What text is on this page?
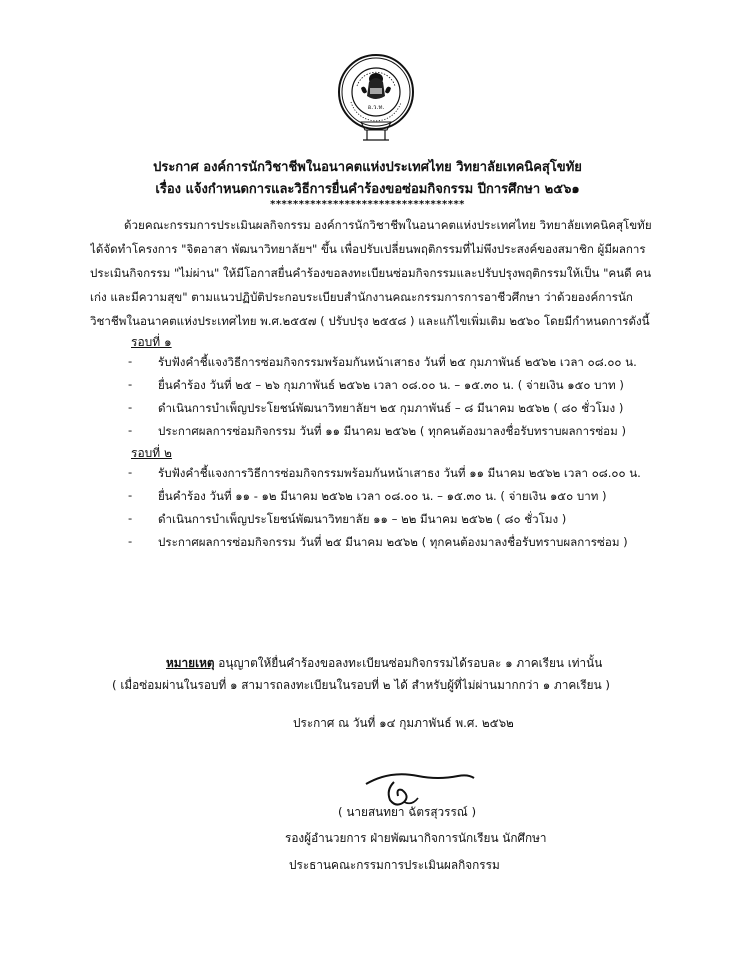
อ.ว.ท.
ประกาศ องค์การนักวิชาชีพในอนาคตแห่งประเทศไทย วิทยาลัยเทคนิคสุโขทัย
เรื่อง แจ้งกำหนดการและวิธีการยื่นคำร้องขอซ่อมกิจกรรม ปีการศึกษา ๒๕๖๑
**********************************
ด้วยคณะกรรมการประเมินผลกิจกรรม องค์การนักวิชาชีพในอนาคตแห่งประเทศไทย วิทยาลัยเทคนิคสุโขทัย
ได้จัดทำโครงการ "จิตอาสา พัฒนาวิทยาลัยฯ" ขึ้น เพื่อปรับเปลี่ยนพฤติกรรมที่ไม่พึงประสงค์ของสมาชิก ผู้มีผลการ
ประเมินกิจกรรม "ไม่ผ่าน" ให้มีโอกาสยื่นคำร้องขอลงทะเบียนซ่อมกิจกรรมและปรับปรุงพฤติกรรมให้เป็น "คนดี คน
เก่ง และมีความสุข" ตามแนวปฏิบัติประกอบระเบียบสำนักงานคณะกรรมการการอาชีวศึกษา ว่าด้วยองค์การนัก
วิชาชีพในอนาคตแห่งประเทศไทย พ.ศ.๒๕๕๗ ( ปรับปรุง ๒๕๕๘ ) และแก้ไขเพิ่มเติม ๒๕๖๐ โดยมีกำหนดการดังนี้
รอบที่ ๑
-	รับฟังคำชี้แจงวิธีการซ่อมกิจกรรมพร้อมกันหน้าเสาธง วันที่ ๒๕ กุมภาพันธ์ ๒๕๖๒ เวลา ๐๘.๐๐ น.
-	ยื่นคำร้อง วันที่ ๒๕ – ๒๖ กุมภาพันธ์ ๒๕๖๒ เวลา ๐๘.๐๐ น. – ๑๕.๓๐ น. ( จ่ายเงิน ๑๕๐ บาท )
-	ดำเนินการบำเพ็ญประโยชน์พัฒนาวิทยาลัยฯ ๒๕ กุมภาพันธ์ – ๘ มีนาคม ๒๕๖๒ ( ๘๐ ชั่วโมง )
-	ประกาศผลการซ่อมกิจกรรม วันที่ ๑๑ มีนาคม ๒๕๖๒ ( ทุกคนต้องมาลงชื่อรับทราบผลการซ่อม )
รอบที่ ๒
-	รับฟังคำชี้แจงการวิธีการซ่อมกิจกรรมพร้อมกันหน้าเสาธง วันที่ ๑๑ มีนาคม ๒๕๖๒ เวลา ๐๘.๐๐ น.
-	ยื่นคำร้อง วันที่ ๑๑ - ๑๒ มีนาคม ๒๕๖๒ เวลา ๐๘.๐๐ น. – ๑๕.๓๐ น. ( จ่ายเงิน ๑๕๐ บาท )
-	ดำเนินการบำเพ็ญประโยชน์พัฒนาวิทยาลัย ๑๑ – ๒๒ มีนาคม ๒๕๖๒ ( ๘๐ ชั่วโมง )
-	ประกาศผลการซ่อมกิจกรรม วันที่ ๒๕ มีนาคม ๒๕๖๒ ( ทุกคนต้องมาลงชื่อรับทราบผลการซ่อม )
หมายเหตุ อนุญาตให้ยื่นคำร้องขอลงทะเบียนซ่อมกิจกรรมได้รอบละ ๑ ภาคเรียน เท่านั้น
( เมื่อซ่อมผ่านในรอบที่ ๑ สามารถลงทะเบียนในรอบที่ ๒ ได้ สำหรับผู้ที่ไม่ผ่านมากกว่า ๑ ภาคเรียน )
ประกาศ ณ วันที่ ๑๔ กุมภาพันธ์ พ.ศ. ๒๕๖๒
( นายสนทยา ฉัตรสุวรรณ์ )
รองผู้อำนวยการ ฝ่ายพัฒนากิจการนักเรียน นักศึกษา
ประธานคณะกรรมการประเมินผลกิจกรรม
